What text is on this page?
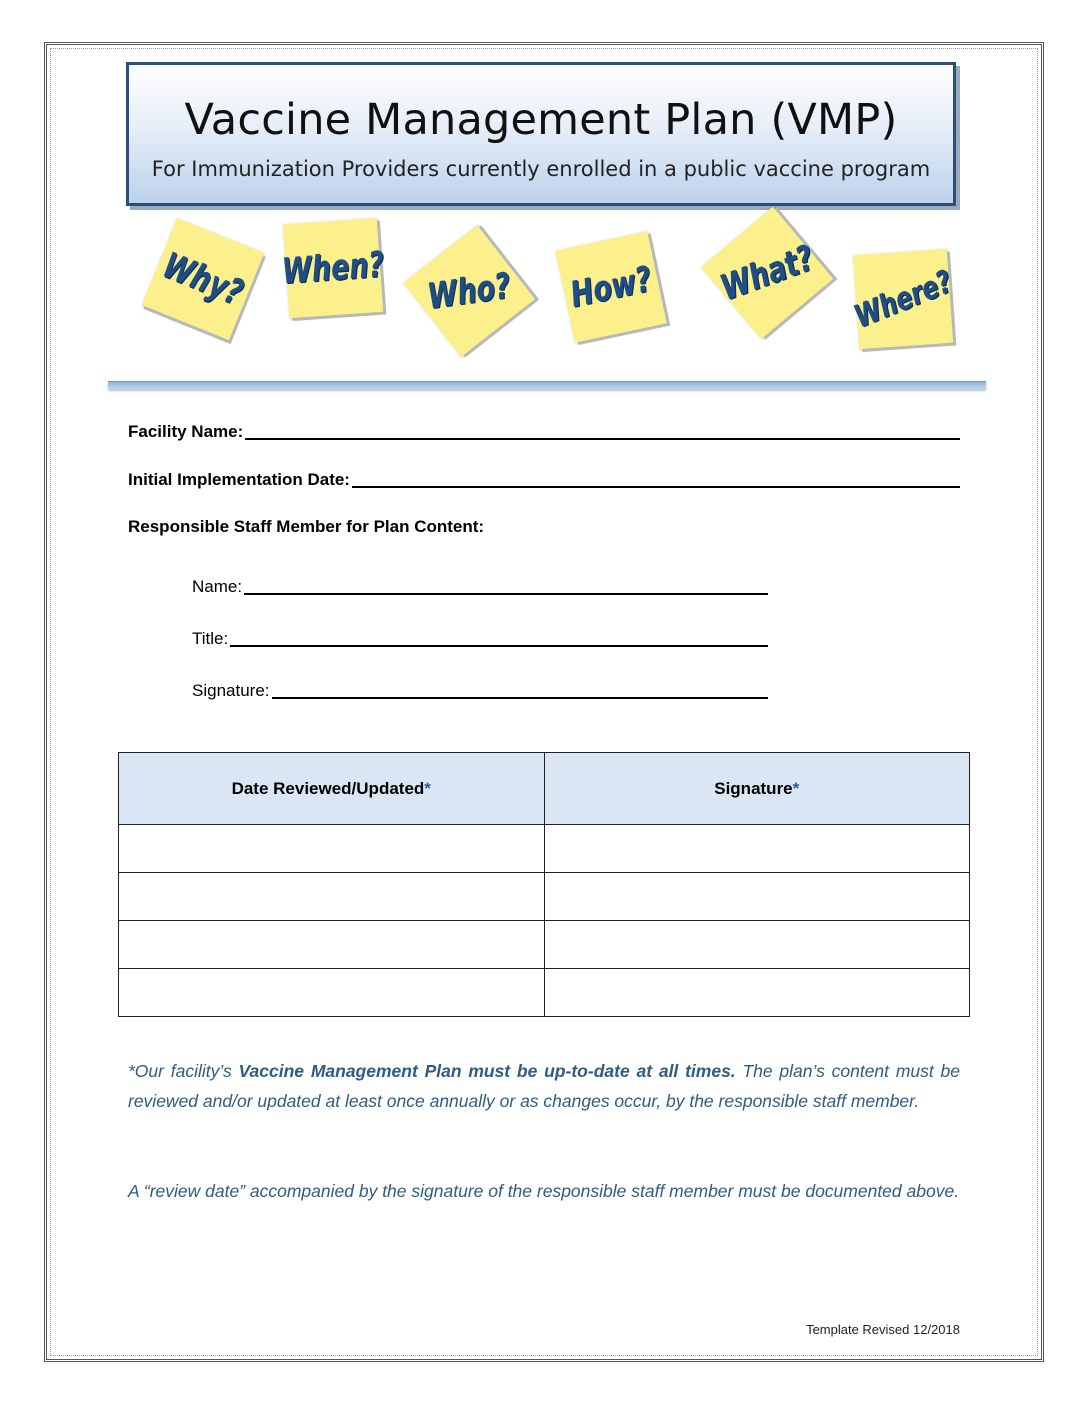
Vaccine Management Plan (VMP)
For Immunization Providers currently enrolled in a public vaccine program
Why? When? Who? How? What? Where?
Facility Name:
Initial Implementation Date:
Responsible Staff Member for Plan Content:
Name:
Title:
Signature:
Date Reviewed/Updated*	Signature*

*Our facility’s Vaccine Management Plan must be up-to-date at all times. The plan’s content must be reviewed and/or updated at least once annually or as changes occur, by the responsible staff member.
A “review date” accompanied by the signature of the responsible staff member must be documented above.
Template Revised 12/2018
